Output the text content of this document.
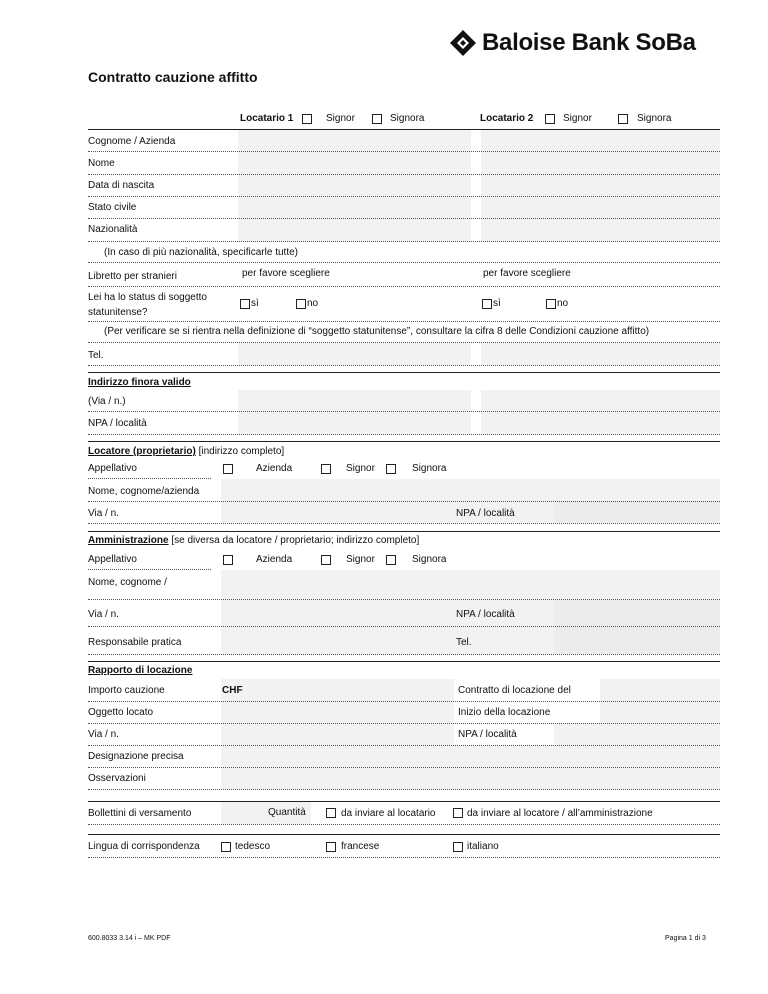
Baloise Bank SoBa
Contratto cauzione affitto
Locatario 1	Signor	Signora	Locatario 2	Signor	Signora
Cognome / Azienda
Nome
Data di nascita
Stato civile
Nazionalità
(In caso di più nazionalità, specificarle tutte)
Libretto per stranieri	per favore scegliere	per favore scegliere
Lei ha lo status di soggetto
statunitense?
sì	no	sì	no
(Per verificare se si rientra nella definizione di “soggetto statunitense”, consultare la cifra 8 delle Condizioni cauzione affitto)
Tel.
Indirizzo finora valido
(Via / n.)
NPA / località
Locatore (proprietario) [indirizzo completo]
Appellativo	Azienda	Signor	Signora
Nome, cognome/azienda
Via / n.	NPA / località
Amministrazione [se diversa da locatore / proprietario; indirizzo completo]
Appellativo	Azienda	Signor	Signora
Nome, cognome /
Via / n.	NPA / località
Responsabile pratica	Tel.
Rapporto di locazione
Importo cauzione	CHF	Contratto di locazione del
Oggetto locato	Inizio della locazione
Via / n.	NPA / località
Designazione precisa
Osservazioni
Bollettini di versamento	Quantità	da inviare al locatario	da inviare al locatore / all’amministrazione
Lingua di corrispondenza	tedesco	francese	italiano
600.8033 3.14 i – MK PDF	Pagina 1 di 3
